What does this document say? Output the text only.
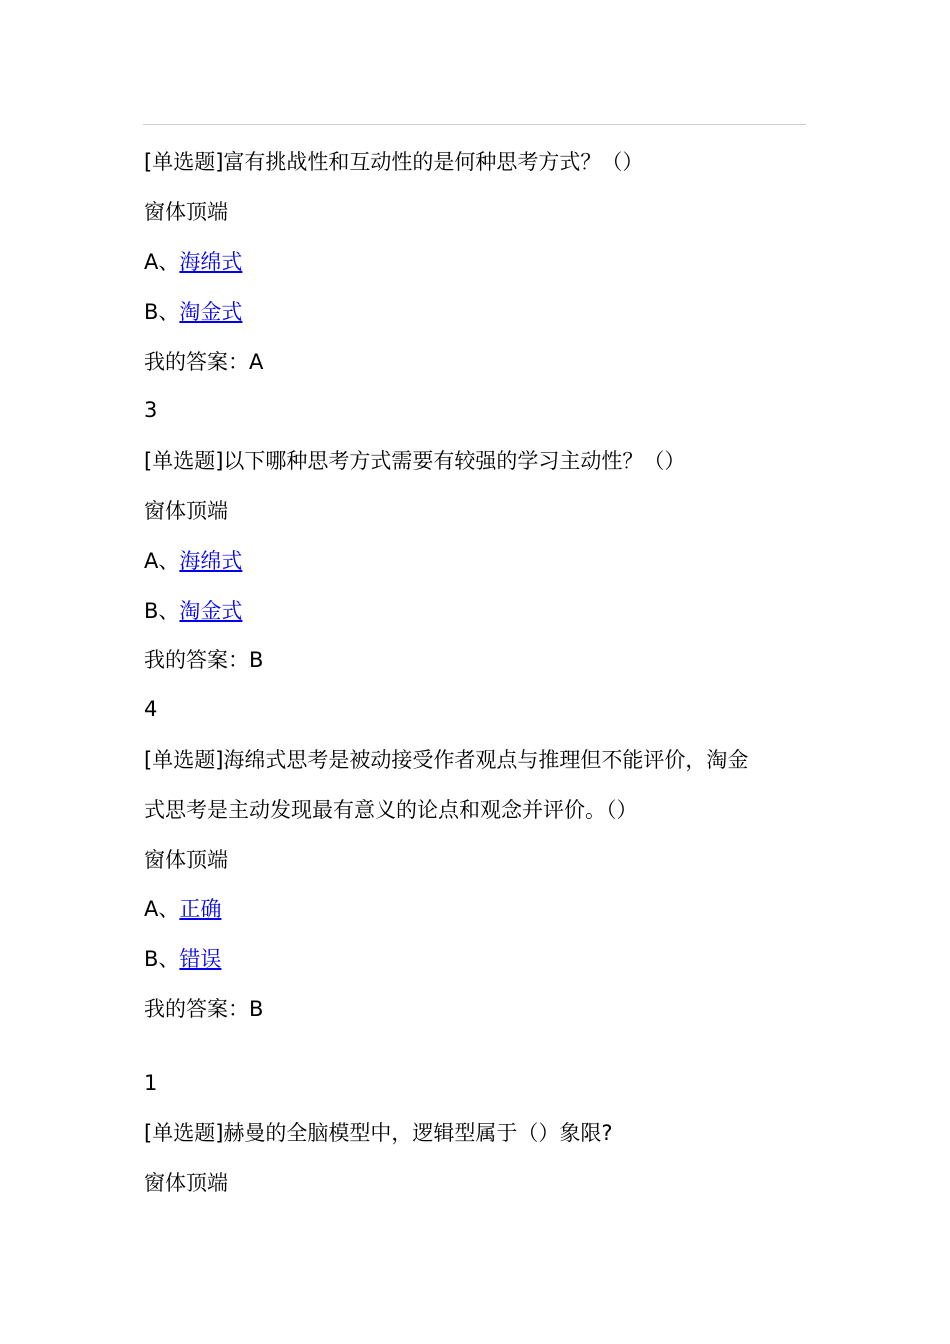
[单选题]富有挑战性和互动性的是何种思考方式？（）

窗体顶端

A、海绵式

B、淘金式

我的答案：A

3

[单选题]以下哪种思考方式需要有较强的学习主动性？（）

窗体顶端

A、海绵式

B、淘金式

我的答案：B

4

[单选题]海绵式思考是被动接受作者观点与推理但不能评价，淘金

式思考是主动发现最有意义的论点和观念并评价。（）

窗体顶端

A、正确

B、错误

我的答案：B

1

[单选题]赫曼的全脑模型中，逻辑型属于（）象限?

窗体顶端
